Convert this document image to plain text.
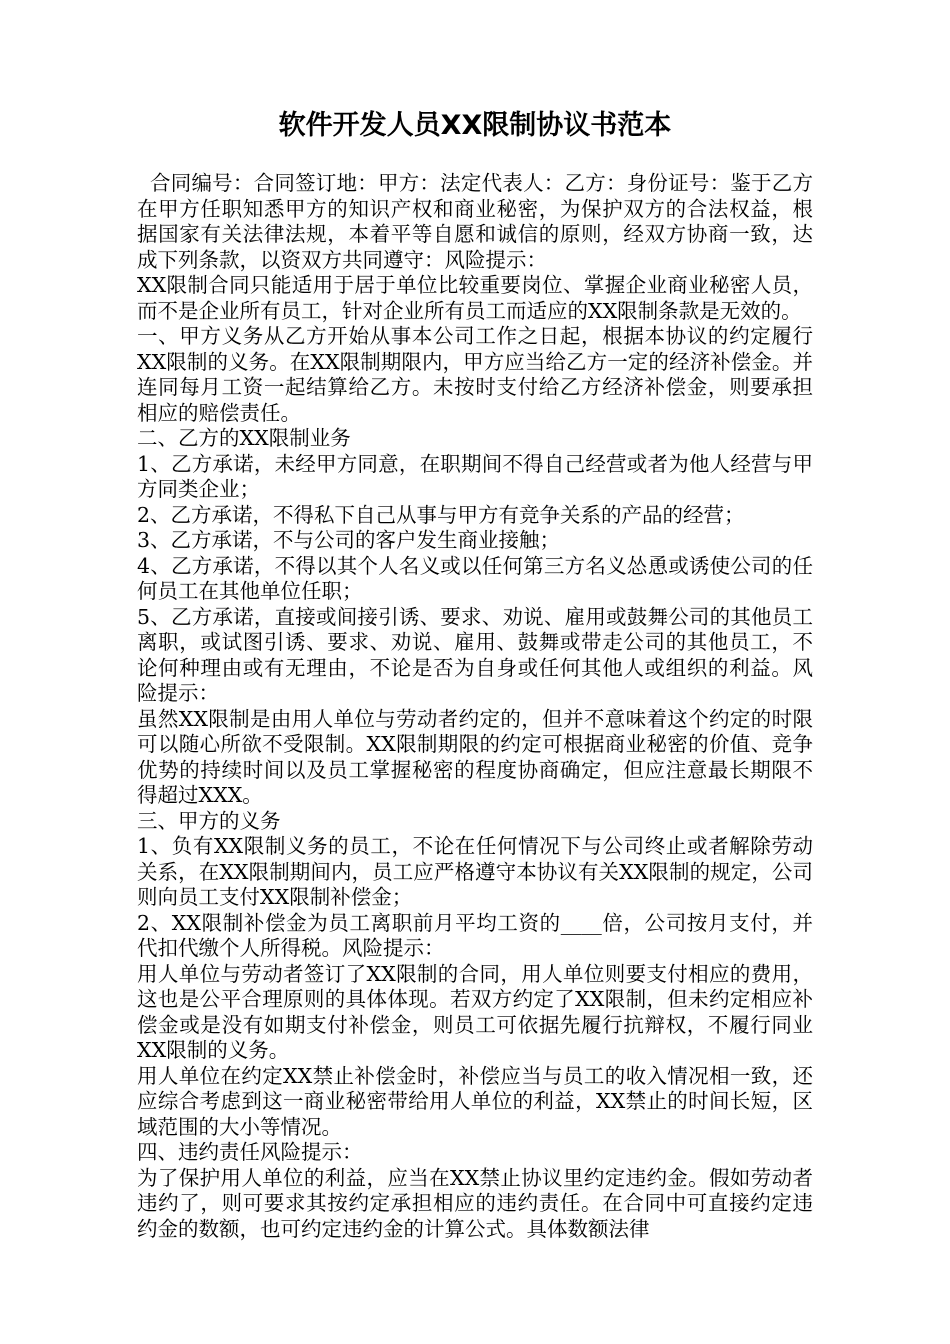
软件开发人员XX限制协议书范本

合同编号：合同签订地：甲方：法定代表人：乙方：身份证号：鉴于乙方在甲方任职知悉甲方的知识产权和商业秘密，为保护双方的合法权益，根据国家有关法律法规，本着平等自愿和诚信的原则，经双方协商一致，达成下列条款，以资双方共同遵守：风险提示：

XX限制合同只能适用于居于单位比较重要岗位、掌握企业商业秘密人员，而不是企业所有员工，针对企业所有员工而适应的XX限制条款是无效的。

一、甲方义务从乙方开始从事本公司工作之日起，根据本协议的约定履行XX限制的义务。在XX限制期限内，甲方应当给乙方一定的经济补偿金。并连同每月工资一起结算给乙方。未按时支付给乙方经济补偿金，则要承担相应的赔偿责任。

二、乙方的XX限制业务

1、乙方承诺，未经甲方同意，在职期间不得自己经营或者为他人经营与甲方同类企业；

2、乙方承诺，不得私下自己从事与甲方有竞争关系的产品的经营；

3、乙方承诺，不与公司的客户发生商业接触；

4、乙方承诺，不得以其个人名义或以任何第三方名义怂恿或诱使公司的任何员工在其他单位任职；

5、乙方承诺，直接或间接引诱、要求、劝说、雇用或鼓舞公司的其他员工离职，或试图引诱、要求、劝说、雇用、鼓舞或带走公司的其他员工，不论何种理由或有无理由，不论是否为自身或任何其他人或组织的利益。风险提示：

虽然XX限制是由用人单位与劳动者约定的，但并不意味着这个约定的时限可以随心所欲不受限制。XX限制期限的约定可根据商业秘密的价值、竞争优势的持续时间以及员工掌握秘密的程度协商确定，但应注意最长期限不得超过XXX。

三、甲方的义务

1、负有XX限制义务的员工，不论在任何情况下与公司终止或者解除劳动关系，在XX限制期间内，员工应严格遵守本协议有关XX限制的规定，公司则向员工支付XX限制补偿金；

2、XX限制补偿金为员工离职前月平均工资的____倍，公司按月支付，并代扣代缴个人所得税。风险提示：

用人单位与劳动者签订了XX限制的合同，用人单位则要支付相应的费用，这也是公平合理原则的具体体现。若双方约定了XX限制，但未约定相应补偿金或是没有如期支付补偿金，则员工可依据先履行抗辩权，不履行同业XX限制的义务。

用人单位在约定XX禁止补偿金时，补偿应当与员工的收入情况相一致，还应综合考虑到这一商业秘密带给用人单位的利益，XX禁止的时间长短，区域范围的大小等情况。

四、违约责任风险提示：

为了保护用人单位的利益，应当在XX禁止协议里约定违约金。假如劳动者违约了，则可要求其按约定承担相应的违约责任。在合同中可直接约定违约金的数额，也可约定违约金的计算公式。具体数额法律
